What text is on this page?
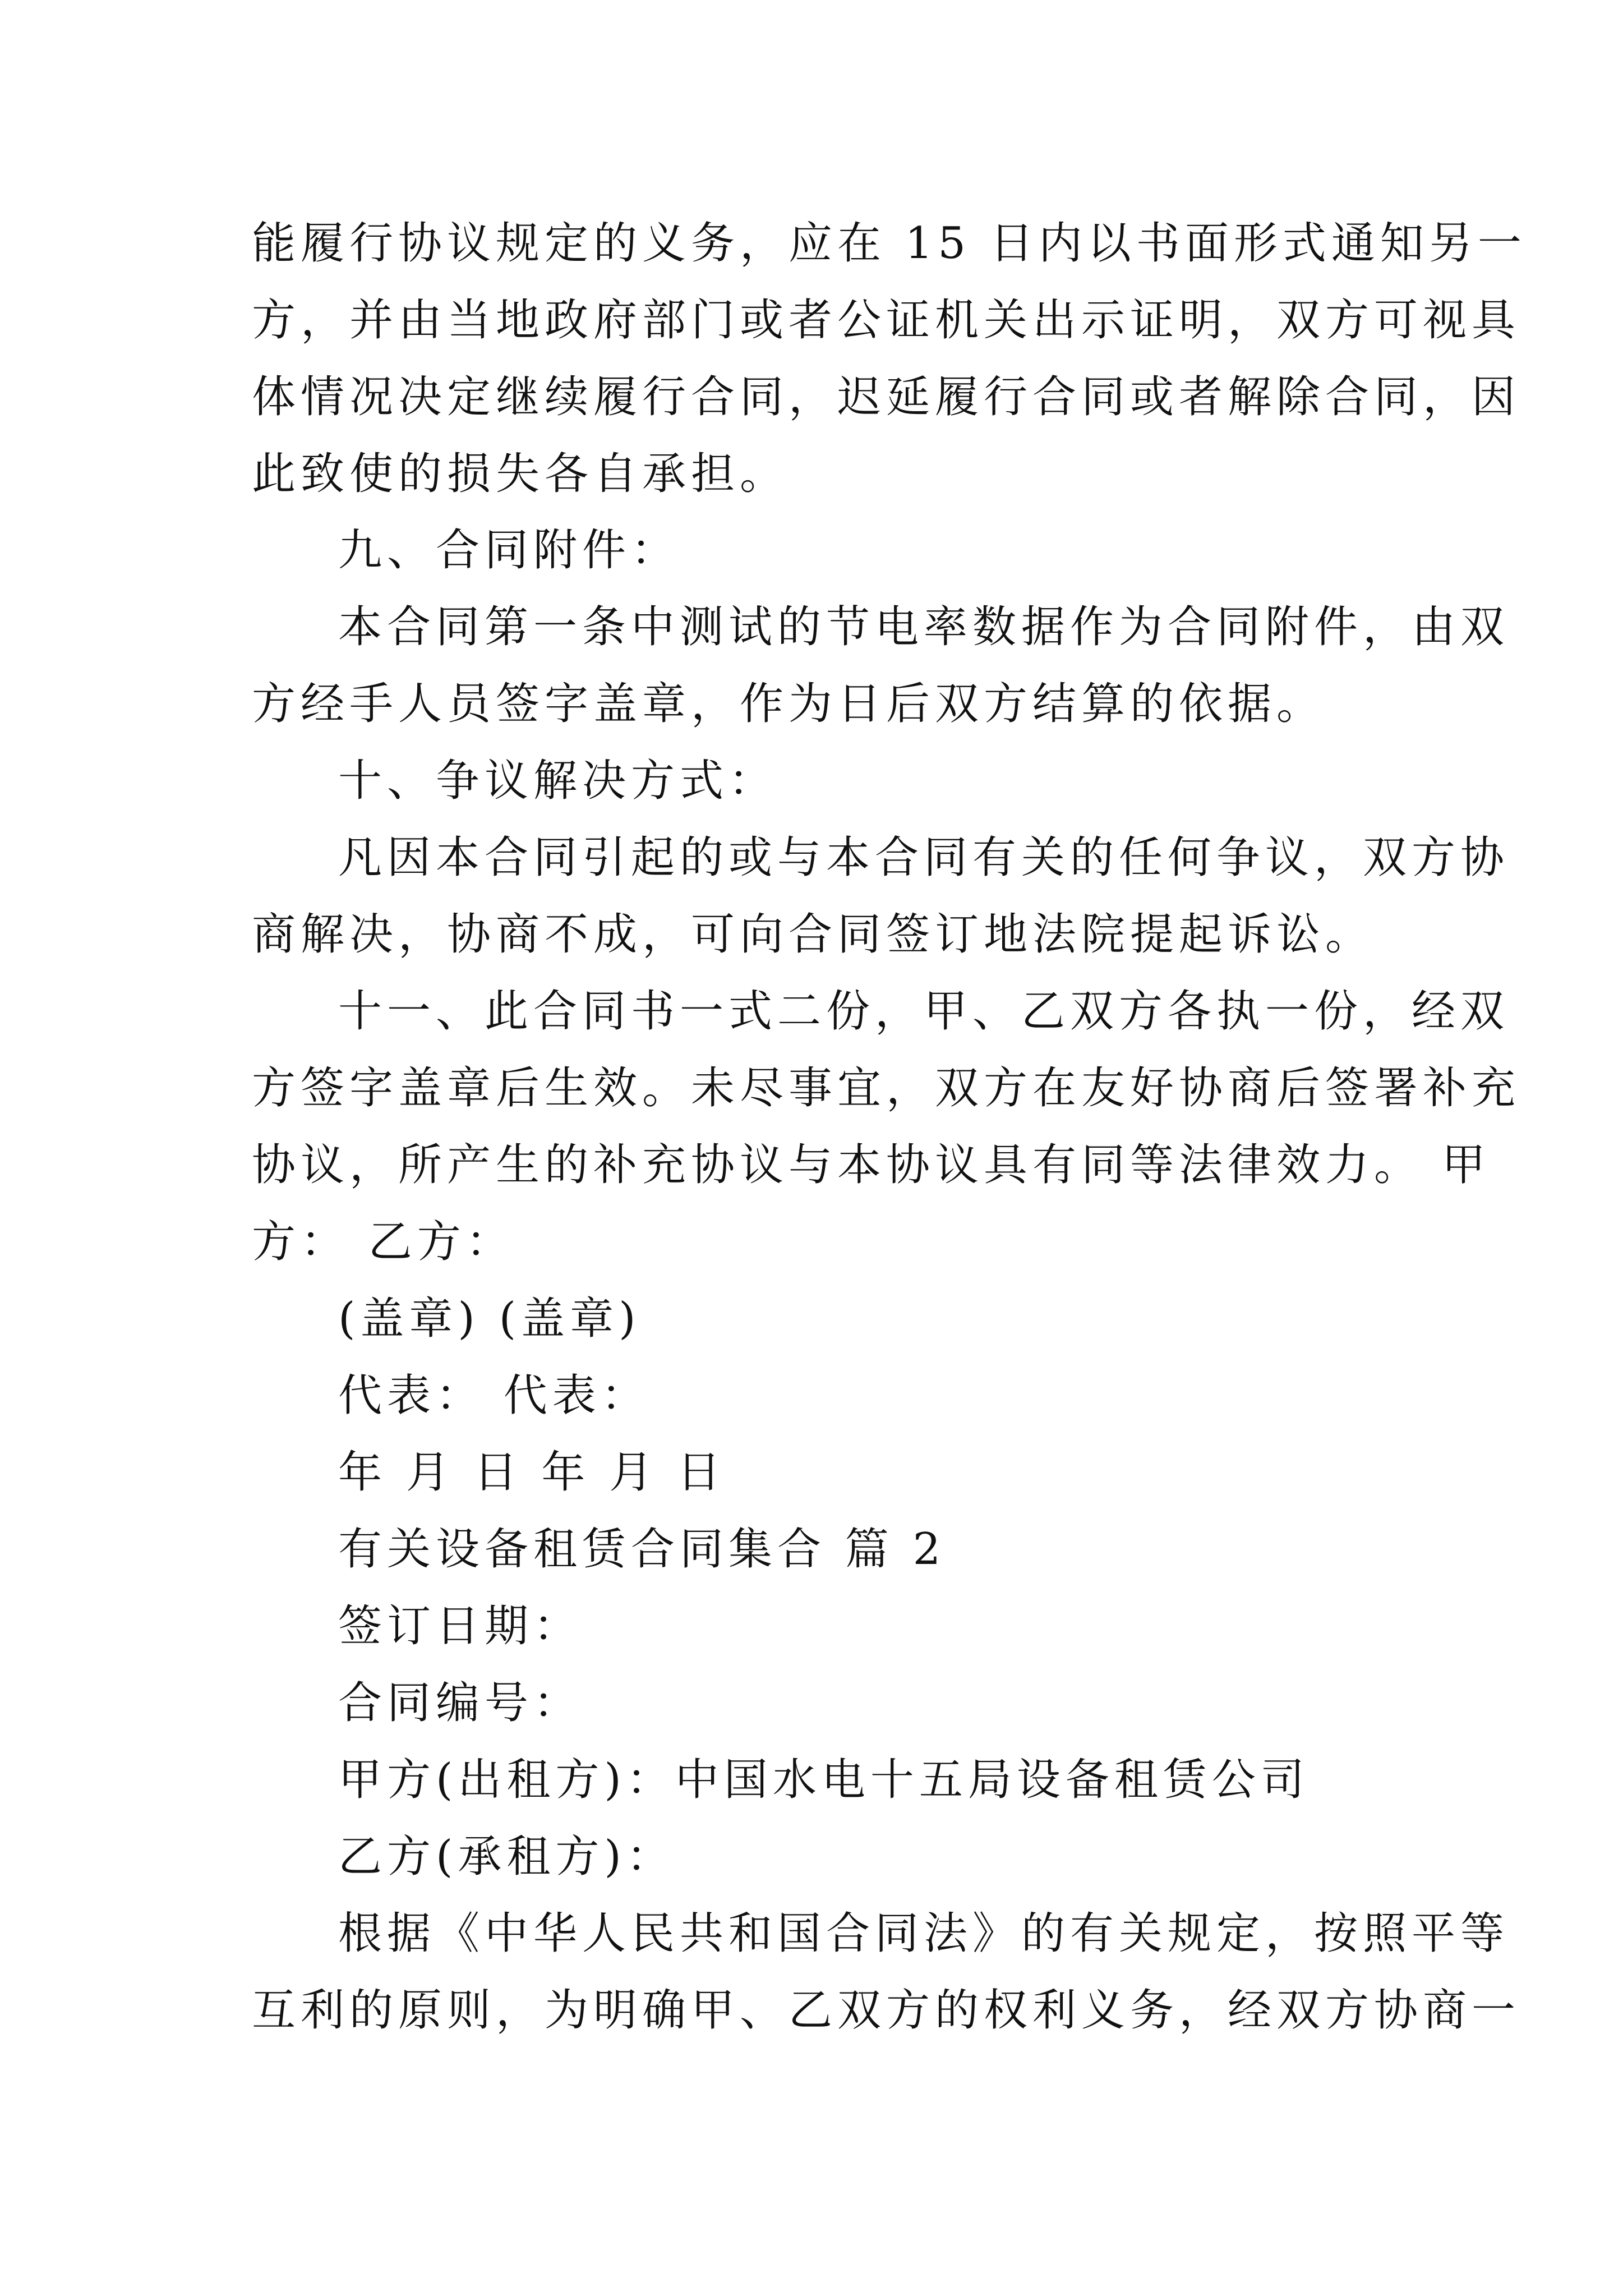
能履行协议规定的义务，应在 15 日内以书面形式通知另一
方，并由当地政府部门或者公证机关出示证明，双方可视具
体情况决定继续履行合同，迟延履行合同或者解除合同，因
此致使的损失各自承担。
九、合同附件：
本合同第一条中测试的节电率数据作为合同附件，由双
方经手人员签字盖章，作为日后双方结算的依据。
十、争议解决方式：
凡因本合同引起的或与本合同有关的任何争议，双方协
商解决，协商不成，可向合同签订地法院提起诉讼。
十一、此合同书一式二份，甲、乙双方各执一份，经双
方签字盖章后生效。未尽事宜，双方在友好协商后签署补充
协议，所产生的补充协议与本协议具有同等法律效力。 甲
方： 乙方：
(盖章) (盖章)
代表： 代表：
年 月 日 年 月 日
有关设备租赁合同集合 篇 2
签订日期：
合同编号：
甲方(出租方)：中国水电十五局设备租赁公司
乙方(承租方)：
根据《中华人民共和国合同法》的有关规定，按照平等
互利的原则，为明确甲、乙双方的权利义务，经双方协商一
